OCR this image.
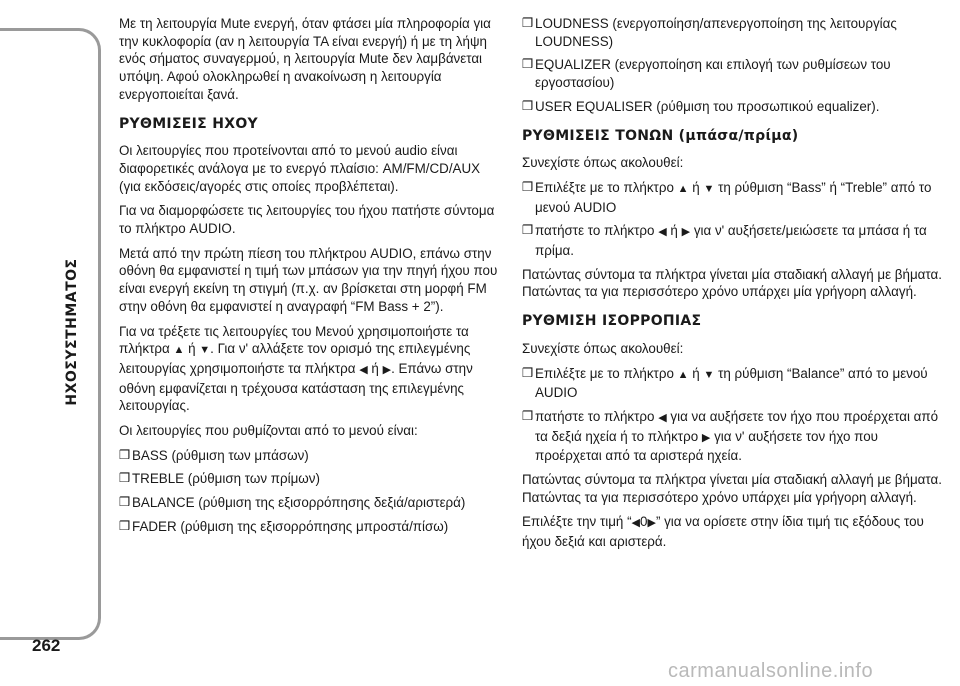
ΗΧΟΣΥΣΤΗΜΑΤΟΣ
262
carmanualsonline.info

Με τη λειτουργία Mute ενεργή, όταν φτάσει μία πληροφορία για την κυκλοφορία (αν η λειτουργία TA είναι ενεργή) ή με τη λήψη ενός σήματος συναγερμού, η λειτουργία Mute δεν λαμβάνεται υπόψη. Αφού ολοκληρωθεί η ανακοίνωση η λειτουργία ενεργοποιείται ξανά.

ΡΥΘΜΙΣΕΙΣ ΗΧΟΥ

Οι λειτουργίες που προτείνονται από το μενού audio είναι διαφορετικές ανάλογα με το ενεργό πλαίσιο: AM/FM/CD/AUX (για εκδόσεις/αγορές στις οποίες προβλέπεται).

Για να διαμορφώσετε τις λειτουργίες του ήχου πατήστε σύντομα το πλήκτρο AUDIO.

Μετά από την πρώτη πίεση του πλήκτρου AUDIO, επάνω στην οθόνη θα εμφανιστεί η τιμή των μπάσων για την πηγή ήχου που είναι ενεργή εκείνη τη στιγμή (π.χ. αν βρίσκεται στη μορφή FM στην οθόνη θα εμφανιστεί η αναγραφή “FM Bass + 2”).

Για να τρέξετε τις λειτουργίες του Μενού χρησιμοποιήστε τα πλήκτρα ▲ ή ▼. Για ν' αλλάξετε τον ορισμό της επιλεγμένης λειτουργίας χρησιμοποιήστε τα πλήκτρα ◀ ή ▶. Επάνω στην οθόνη εμφανίζεται η τρέχουσα κατάσταση της επιλεγμένης λειτουργίας.

Οι λειτουργίες που ρυθμίζονται από το μενού είναι:

❒ BASS (ρύθμιση των μπάσων)
❒ TREBLE (ρύθμιση των πρίμων)
❒ BALANCE (ρύθμιση της εξισορρόπησης δεξιά/αριστερά)
❒ FADER (ρύθμιση της εξισορρόπησης μπροστά/πίσω)
❒ LOUDNESS (ενεργοποίηση/απενεργοποίηση της λειτουργίας LOUDNESS)
❒ EQUALIZER (ενεργοποίηση και επιλογή των ρυθμίσεων του εργοστασίου)
❒ USER EQUALISER (ρύθμιση του προσωπικού equalizer).
ΡΥΘΜΙΣΕΙΣ ΤΟΝΩΝ (μπάσα/πρίμα)

Συνεχίστε όπως ακολουθεί:

❒ Επιλέξτε με το πλήκτρο ▲ ή ▼ τη ρύθμιση “Bass” ή “Treble” από το μενού AUDIO
❒ πατήστε το πλήκτρο ◀ ή ▶ για ν' αυξήσετε/μειώσετε τα μπάσα ή τα πρίμα.

Πατώντας σύντομα τα πλήκτρα γίνεται μία σταδιακή αλλαγή με βήματα. Πατώντας τα για περισσότερο χρόνο υπάρχει μία γρήγορη αλλαγή.

ΡΥΘΜΙΣΗ ΙΣΟΡΡΟΠΙΑΣ

Συνεχίστε όπως ακολουθεί:

❒ Επιλέξτε με το πλήκτρο ▲ ή ▼ τη ρύθμιση “Balance” από το μενού AUDIO
❒ πατήστε το πλήκτρο ◀ για να αυξήσετε τον ήχο που προέρχεται από τα δεξιά ηχεία ή το πλήκτρο ▶ για ν' αυξήσετε τον ήχο που προέρχεται από τα αριστερά ηχεία.

Πατώντας σύντομα τα πλήκτρα γίνεται μία σταδιακή αλλαγή με βήματα. Πατώντας τα για περισσότερο χρόνο υπάρχει μία γρήγορη αλλαγή.

Επιλέξτε την τιμή “◀0▶” για να ορίσετε στην ίδια τιμή τις εξόδους του ήχου δεξιά και αριστερά.
